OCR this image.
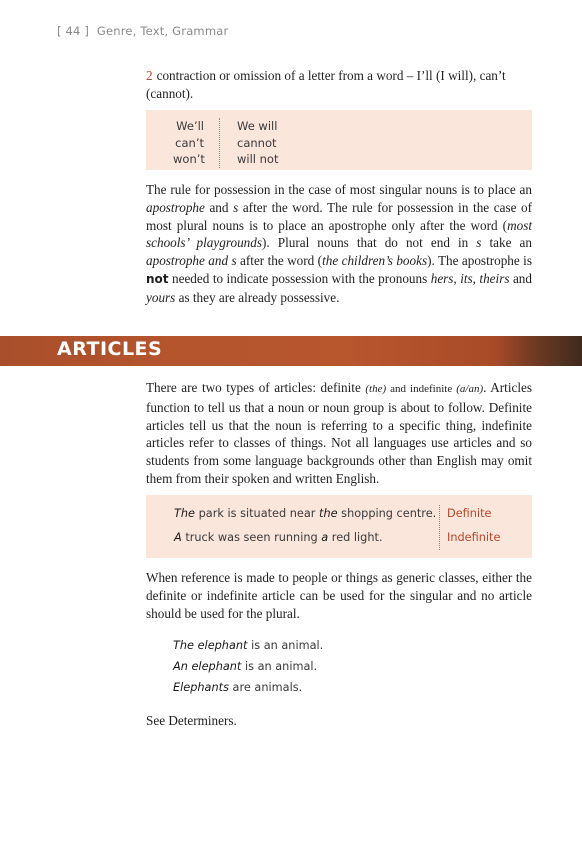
[ 44 ] Genre, Text, Grammar

2 contraction or omission of a letter from a word – I’ll (I will), can’t (cannot).

We’ll
can’t
won’t
We will
cannot
will not

The rule for possession in the case of most singular nouns is to place an apostrophe and s after the word. The rule for possession in the case of most plural nouns is to place an apostrophe only after the word (most schools’ playgrounds). Plural nouns that do not end in s take an apostrophe and s after the word (the children’s books). The apostrophe is not needed to indicate possession with the pronouns hers, its, theirs and yours as they are already possessive.

ARTICLES

There are two types of articles: definite (the) and indefinite (a/an). Articles function to tell us that a noun or noun group is about to follow. Definite articles tell us that the noun is referring to a specific thing, indefinite articles refer to classes of things. Not all languages use articles and so students from some language backgrounds other than English may omit them from their spoken and written English.

The park is situated near the shopping centre.
A truck was seen running a red light.
Definite
Indefinite

When reference is made to people or things as generic classes, either the definite or indefinite article can be used for the singular and no article should be used for the plural.

The elephant is an animal.
An elephant is an animal.
Elephants are animals.

See Determiners.
